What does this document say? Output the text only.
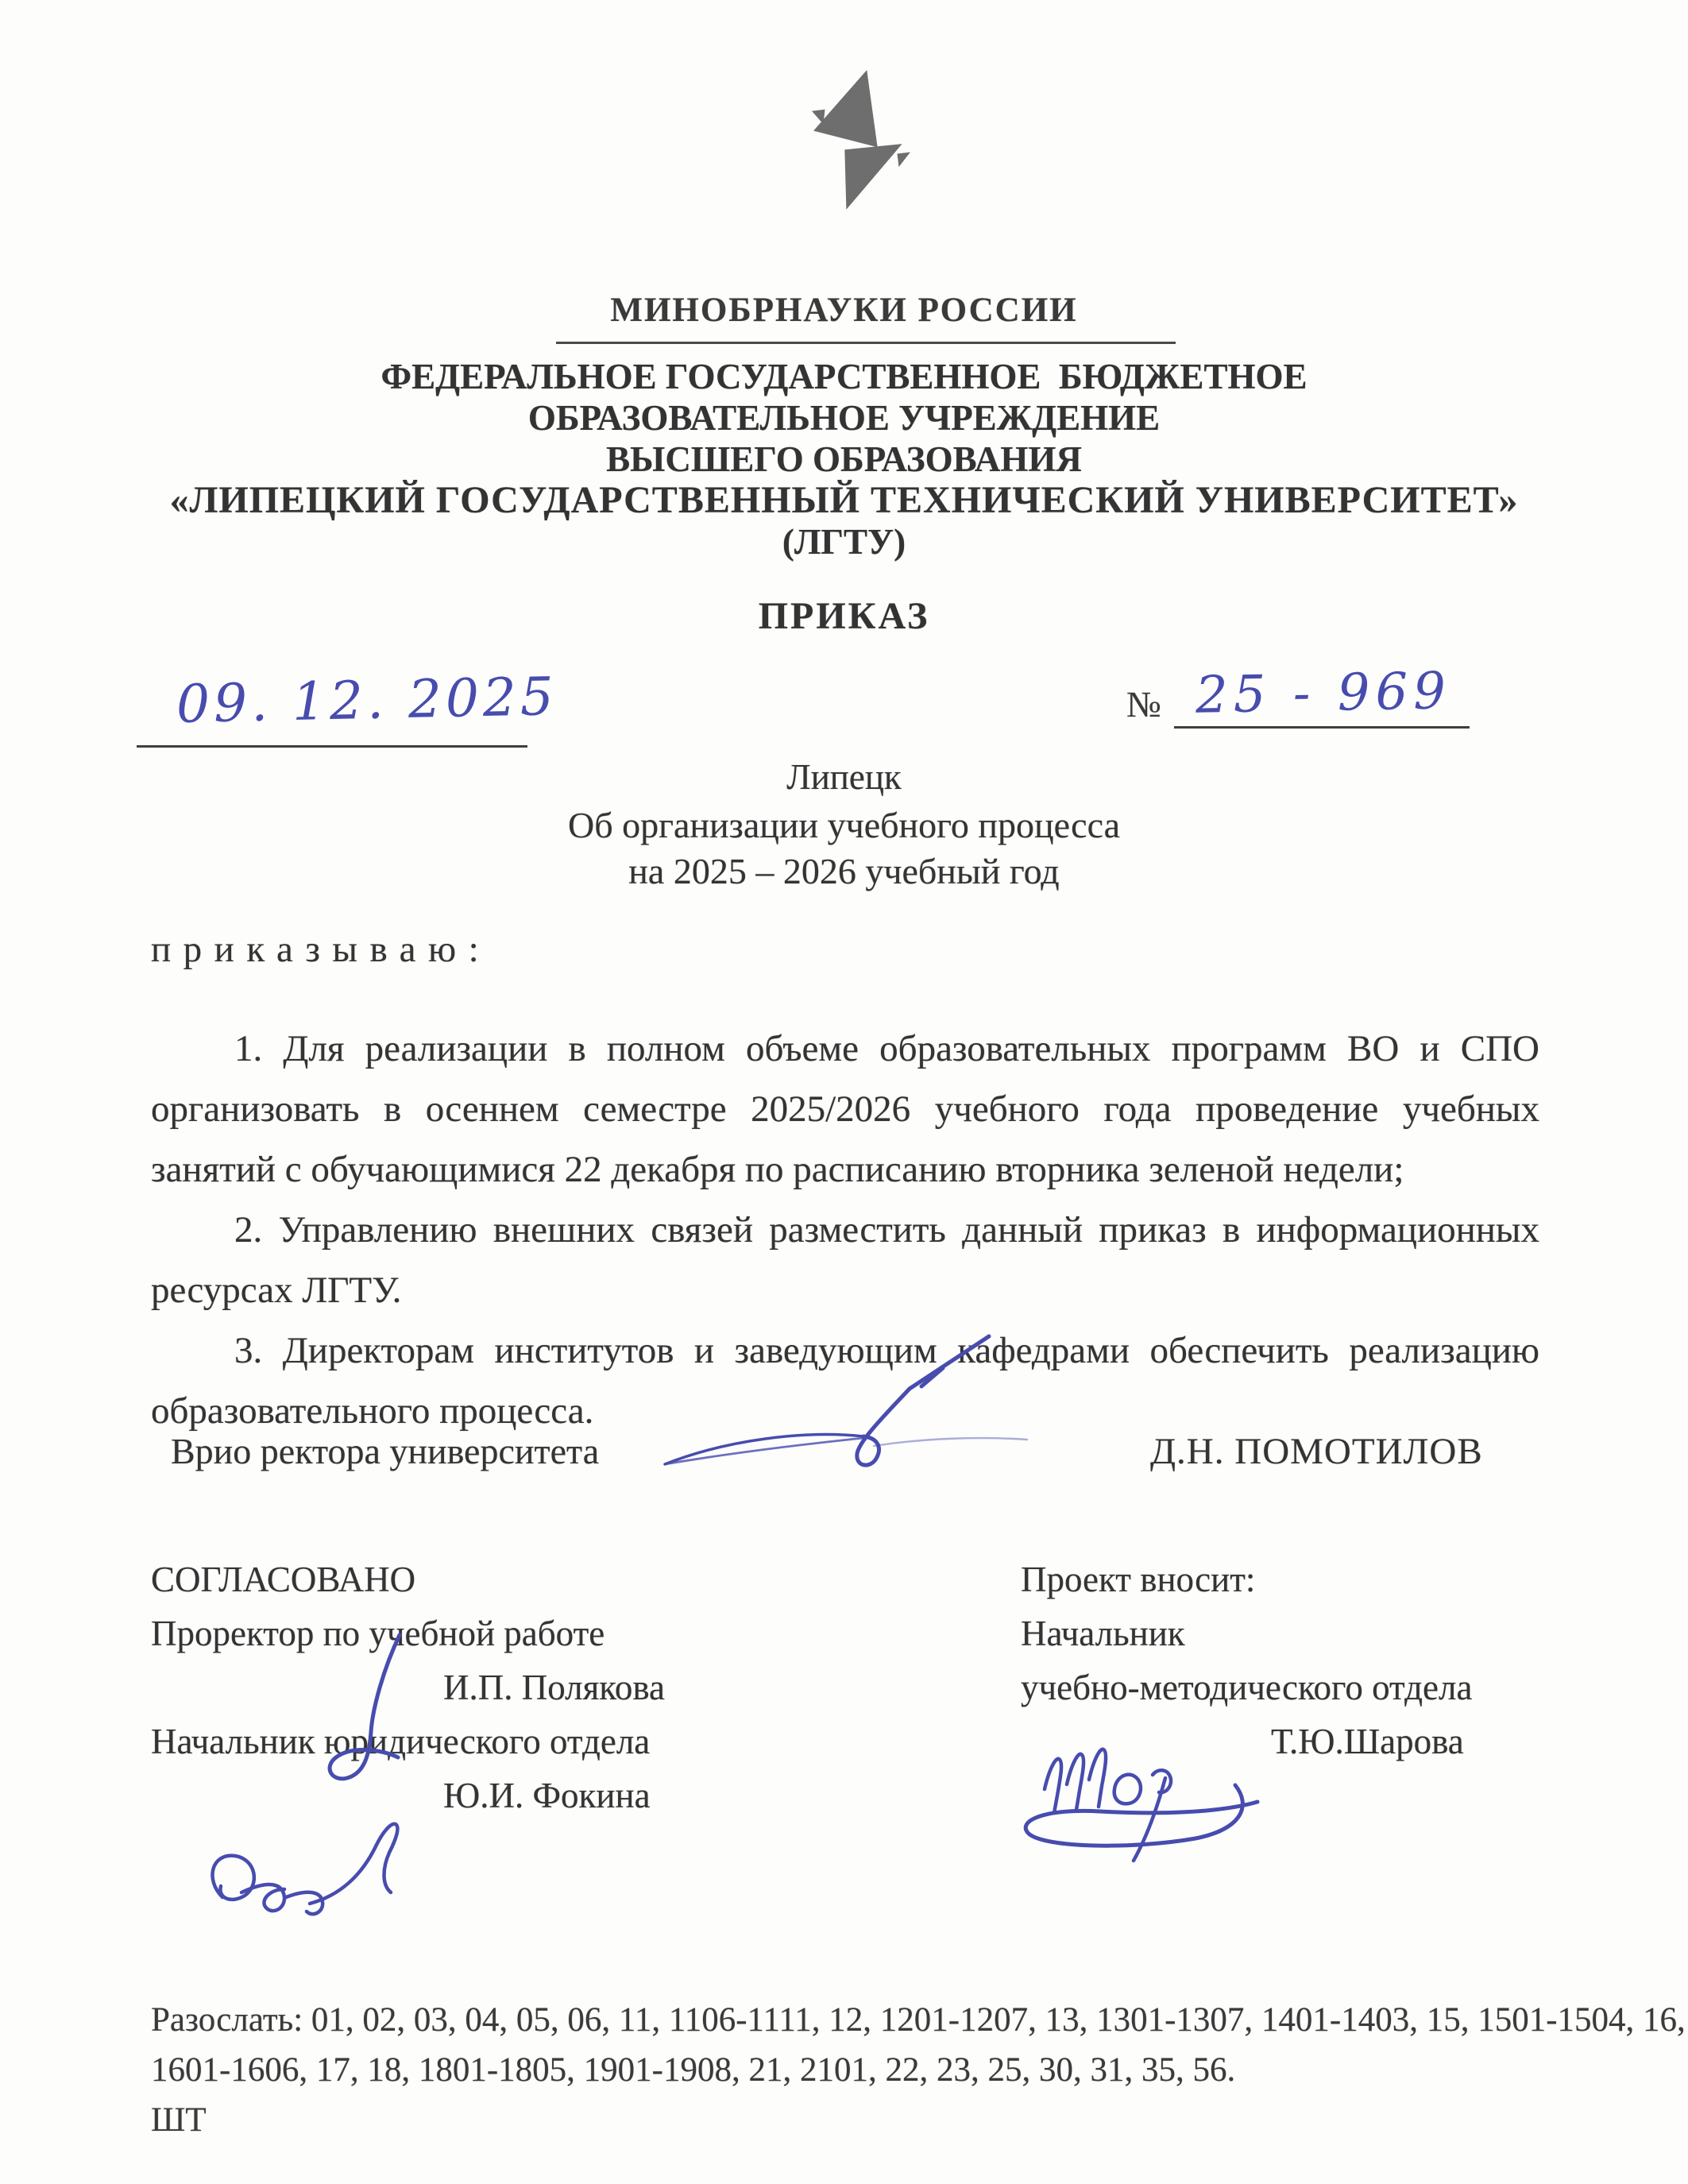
МИНОБРНАУКИ РОССИИ
ФЕДЕРАЛЬНОЕ ГОСУДАРСТВЕННОЕ  БЮДЖЕТНОЕ
ОБРАЗОВАТЕЛЬНОЕ УЧРЕЖДЕНИЕ
ВЫСШЕГО ОБРАЗОВАНИЯ
«ЛИПЕЦКИЙ ГОСУДАРСТВЕННЫЙ ТЕХНИЧЕСКИЙ УНИВЕРСИТЕТ»
(ЛГТУ)
ПРИКАЗ
09. 12. 2025	№ 25 - 969
Липецк
Об организации учебного процесса
на 2025 – 2026 учебный год
приказываю:

1. Для реализации в полном объеме образовательных программ ВО и СПО организовать в осеннем семестре 2025/2026 учебного года проведение учебных занятий с обучающимися 22 декабря по расписанию вторника зеленой недели;

2. Управлению внешних связей разместить данный приказ в информационных ресурсах ЛГТУ.

3. Директорам институтов и заведующим кафедрами обеспечить реализацию образовательного процесса.

Врио ректора университета	Д.Н. ПОМОТИЛОВ
СОГЛАСОВАНО
Проректор по учебной работе
И.П. Полякова
Начальник юридического отдела
Ю.И. Фокина
Проект вносит:
Начальник
учебно-методического отдела
Т.Ю.Шарова
Разослать: 01, 02, 03, 04, 05, 06, 11, 1106-1111, 12, 1201-1207, 13, 1301-1307, 1401-1403, 15, 1501-1504, 16,
1601-1606, 17, 18, 1801-1805, 1901-1908, 21, 2101, 22, 23, 25, 30, 31, 35, 56.
ШТ
